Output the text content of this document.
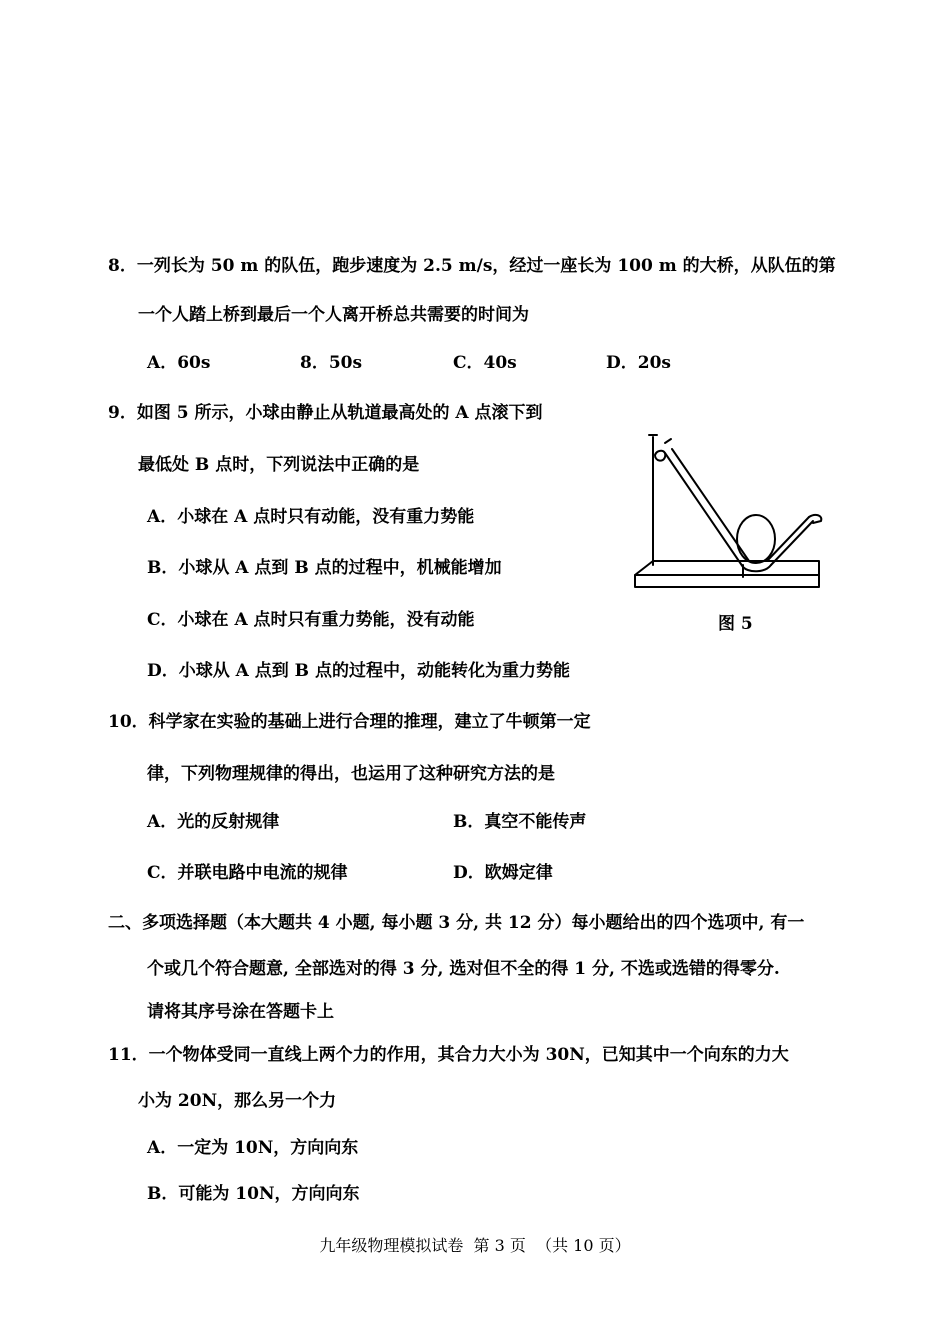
8．一列长为 50 m 的队伍，跑步速度为 2.5 m/s，经过一座长为 100 m 的大桥，从队伍的第
一个人踏上桥到最后一个人离开桥总共需要的时间为
A．60s	8．50s	C．40s	D．20s
9．如图 5 所示，小球由静止从轨道最高处的 A 点滚下到
最低处 B 点时，下列说法中正确的是
A．小球在 A 点时只有动能，没有重力势能
B．小球从 A 点到 B 点的过程中，机械能增加
C．小球在 A 点时只有重力势能，没有动能
D．小球从 A 点到 B 点的过程中，动能转化为重力势能
图 5
10．科学家在实验的基础上进行合理的推理，建立了牛顿第一定
律，下列物理规律的得出，也运用了这种研究方法的是
A．光的反射规律	B．真空不能传声
C．并联电路中电流的规律	D．欧姆定律
二、多项选择题（本大题共 4 小题, 每小题 3 分, 共 12 分）每小题给出的四个选项中, 有一
个或几个符合题意, 全部选对的得 3 分, 选对但不全的得 1 分, 不选或选错的得零分.
请将其序号涂在答题卡上
11．一个物体受同一直线上两个力的作用，其合力大小为 30N，已知其中一个向东的力大
小为 20N，那么另一个力
A．一定为 10N，方向向东
B．可能为 10N，方向向东
九年级物理模拟试卷  第 3 页  （共 10 页）
